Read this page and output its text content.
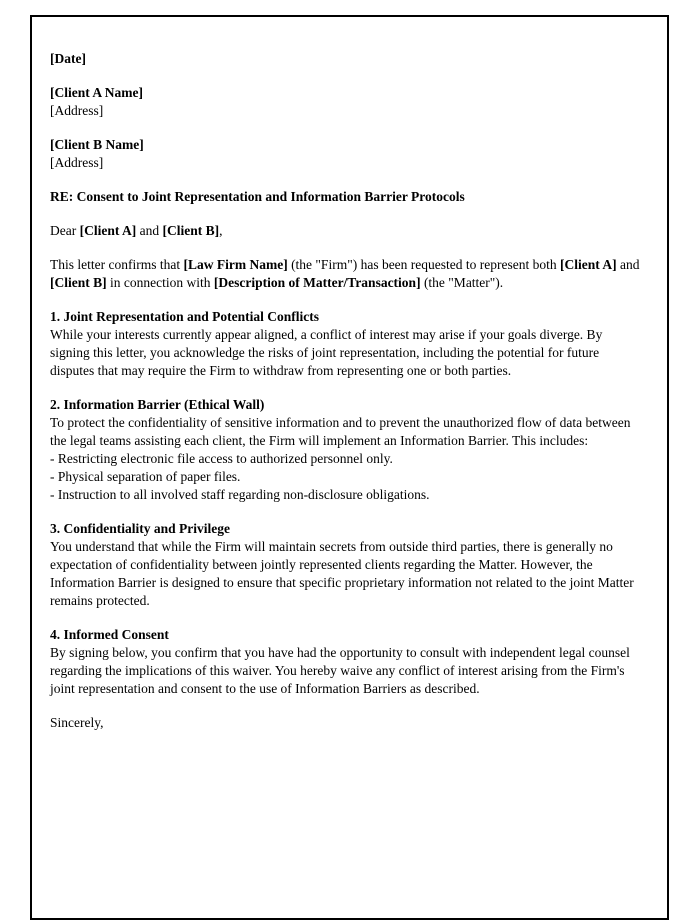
[Date]
[Client A Name]
[Address]
[Client B Name]
[Address]
RE: Consent to Joint Representation and Information Barrier Protocols

Dear [Client A] and [Client B],

This letter confirms that [Law Firm Name] (the "Firm") has been requested to represent both [Client A] and [Client B] in connection with [Description of Matter/Transaction] (the "Matter").

1. Joint Representation and Potential Conflicts
While your interests currently appear aligned, a conflict of interest may arise if your goals diverge. By signing this letter, you acknowledge the risks of joint representation, including the potential for future disputes that may require the Firm to withdraw from representing one or both parties.
2. Information Barrier (Ethical Wall)
To protect the confidentiality of sensitive information and to prevent the unauthorized flow of data between the legal teams assisting each client, the Firm will implement an Information Barrier. This includes:
- Restricting electronic file access to authorized personnel only.
- Physical separation of paper files.
- Instruction to all involved staff regarding non-disclosure obligations.
3. Confidentiality and Privilege
You understand that while the Firm will maintain secrets from outside third parties, there is generally no expectation of confidentiality between jointly represented clients regarding the Matter. However, the Information Barrier is designed to ensure that specific proprietary information not related to the joint Matter remains protected.
4. Informed Consent
By signing below, you confirm that you have had the opportunity to consult with independent legal counsel regarding the implications of this waiver. You hereby waive any conflict of interest arising from the Firm's joint representation and consent to the use of Information Barriers as described.
Sincerely,
